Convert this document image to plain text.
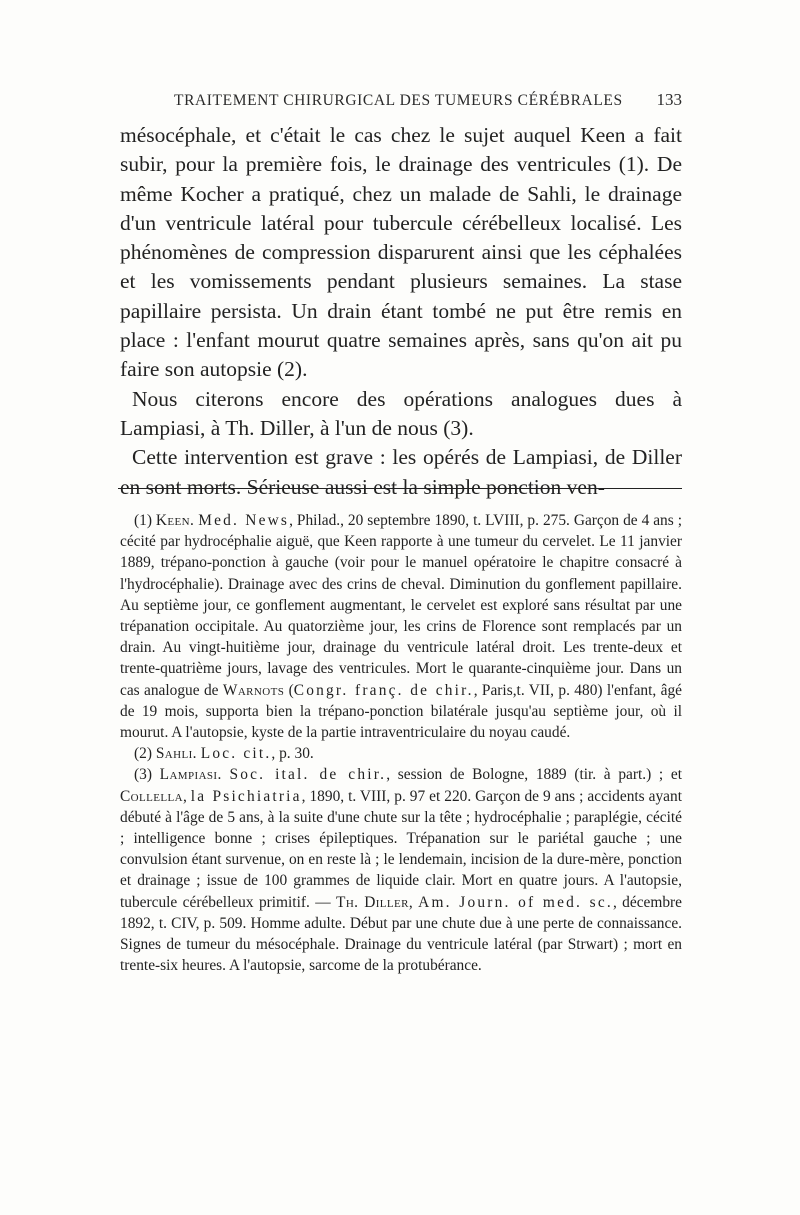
TRAITEMENT CHIRURGICAL DES TUMEURS CÉRÉBRALES 133

mésocéphale, et c'était le cas chez le sujet auquel Keen a fait subir, pour la première fois, le drainage des ventricules (1). De même Kocher a pratiqué, chez un malade de Sahli, le drainage d'un ventricule latéral pour tubercule cérébelleux localisé. Les phénomènes de compression disparurent ainsi que les céphalées et les vomissements pendant plusieurs semaines. La stase papillaire persista. Un drain étant tombé ne put être remis en place : l'enfant mourut quatre semaines après, sans qu'on ait pu faire son autopsie (2).

Nous citerons encore des opérations analogues dues à Lampiasi, à Th. Diller, à l'un de nous (3).

Cette intervention est grave : les opérés de Lampiasi, de Diller en sont morts. Sérieuse aussi est la simple ponction ven-

(1) Keen. Med. News, Philad., 20 septembre 1890, t. LVIII, p. 275. Garçon de 4 ans ; cécité par hydrocéphalie aiguë, que Keen rapporte à une tumeur du cervelet. Le 11 janvier 1889, trépano-ponction à gauche (voir pour le manuel opératoire le chapitre consacré à l'hydrocéphalie). Drainage avec des crins de cheval. Diminution du gonflement papillaire. Au septième jour, ce gonflement augmentant, le cervelet est exploré sans résultat par une trépanation occipitale. Au quatorzième jour, les crins de Florence sont remplacés par un drain. Au vingt-huitième jour, drainage du ventricule latéral droit. Les trente-deux et trente-quatrième jours, lavage des ventricules. Mort le quarante-cinquième jour. Dans un cas analogue de Warnots (Congr. franç. de chir., Paris,t. VII, p. 480) l'enfant, âgé de 19 mois, supporta bien la trépano-ponction bilatérale jusqu'au septième jour, où il mourut. A l'autopsie, kyste de la partie intraventriculaire du noyau caudé.

(2) Sahli. Loc. cit., p. 30.

(3) Lampiasi. Soc. ital. de chir., session de Bologne, 1889 (tir. à part.) ; et Collella, la Psichiatria, 1890, t. VIII, p. 97 et 220. Garçon de 9 ans ; accidents ayant débuté à l'âge de 5 ans, à la suite d'une chute sur la tête ; hydrocéphalie ; paraplégie, cécité ; intelligence bonne ; crises épileptiques. Trépanation sur le pariétal gauche ; une convulsion étant survenue, on en reste là ; le lendemain, incision de la dure-mère, ponction et drainage ; issue de 100 grammes de liquide clair. Mort en quatre jours. A l'autopsie, tubercule cérébelleux primitif. — Th. Diller, Am. Journ. of med. sc., décembre 1892, t. CIV, p. 509. Homme adulte. Début par une chute due à une perte de connaissance. Signes de tumeur du mésocéphale. Drainage du ventricule latéral (par Strwart) ; mort en trente-six heures. A l'autopsie, sarcome de la protubérance.
